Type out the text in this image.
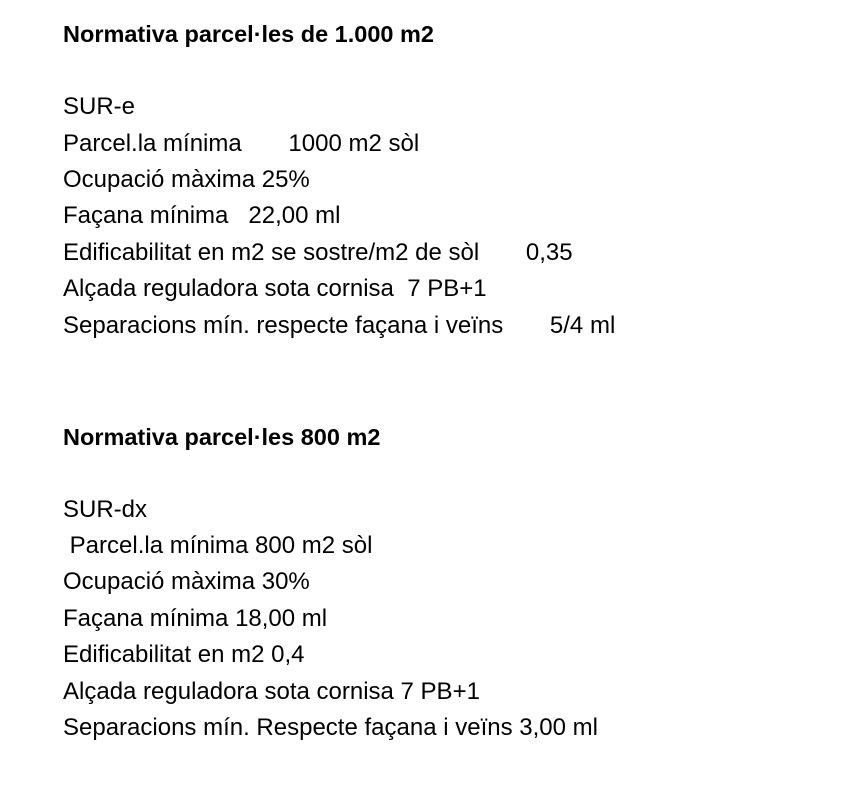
Normativa parcel·les de 1.000 m2
SUR-e
Parcel.la mínima       1000 m2 sòl
Ocupació màxima 25%
Façana mínima   22,00 ml
Edificabilitat en m2 se sostre/m2 de sòl       0,35
Alçada reguladora sota cornisa  7 PB+1
Separacions mín. respecte façana i veïns       5/4 ml
Normativa parcel·les 800 m2
SUR-dx
Parcel.la mínima 800 m2 sòl
Ocupació màxima 30%
Façana mínima 18,00 ml
Edificabilitat en m2 0,4
Alçada reguladora sota cornisa 7 PB+1
Separacions mín. Respecte façana i veïns 3,00 ml
